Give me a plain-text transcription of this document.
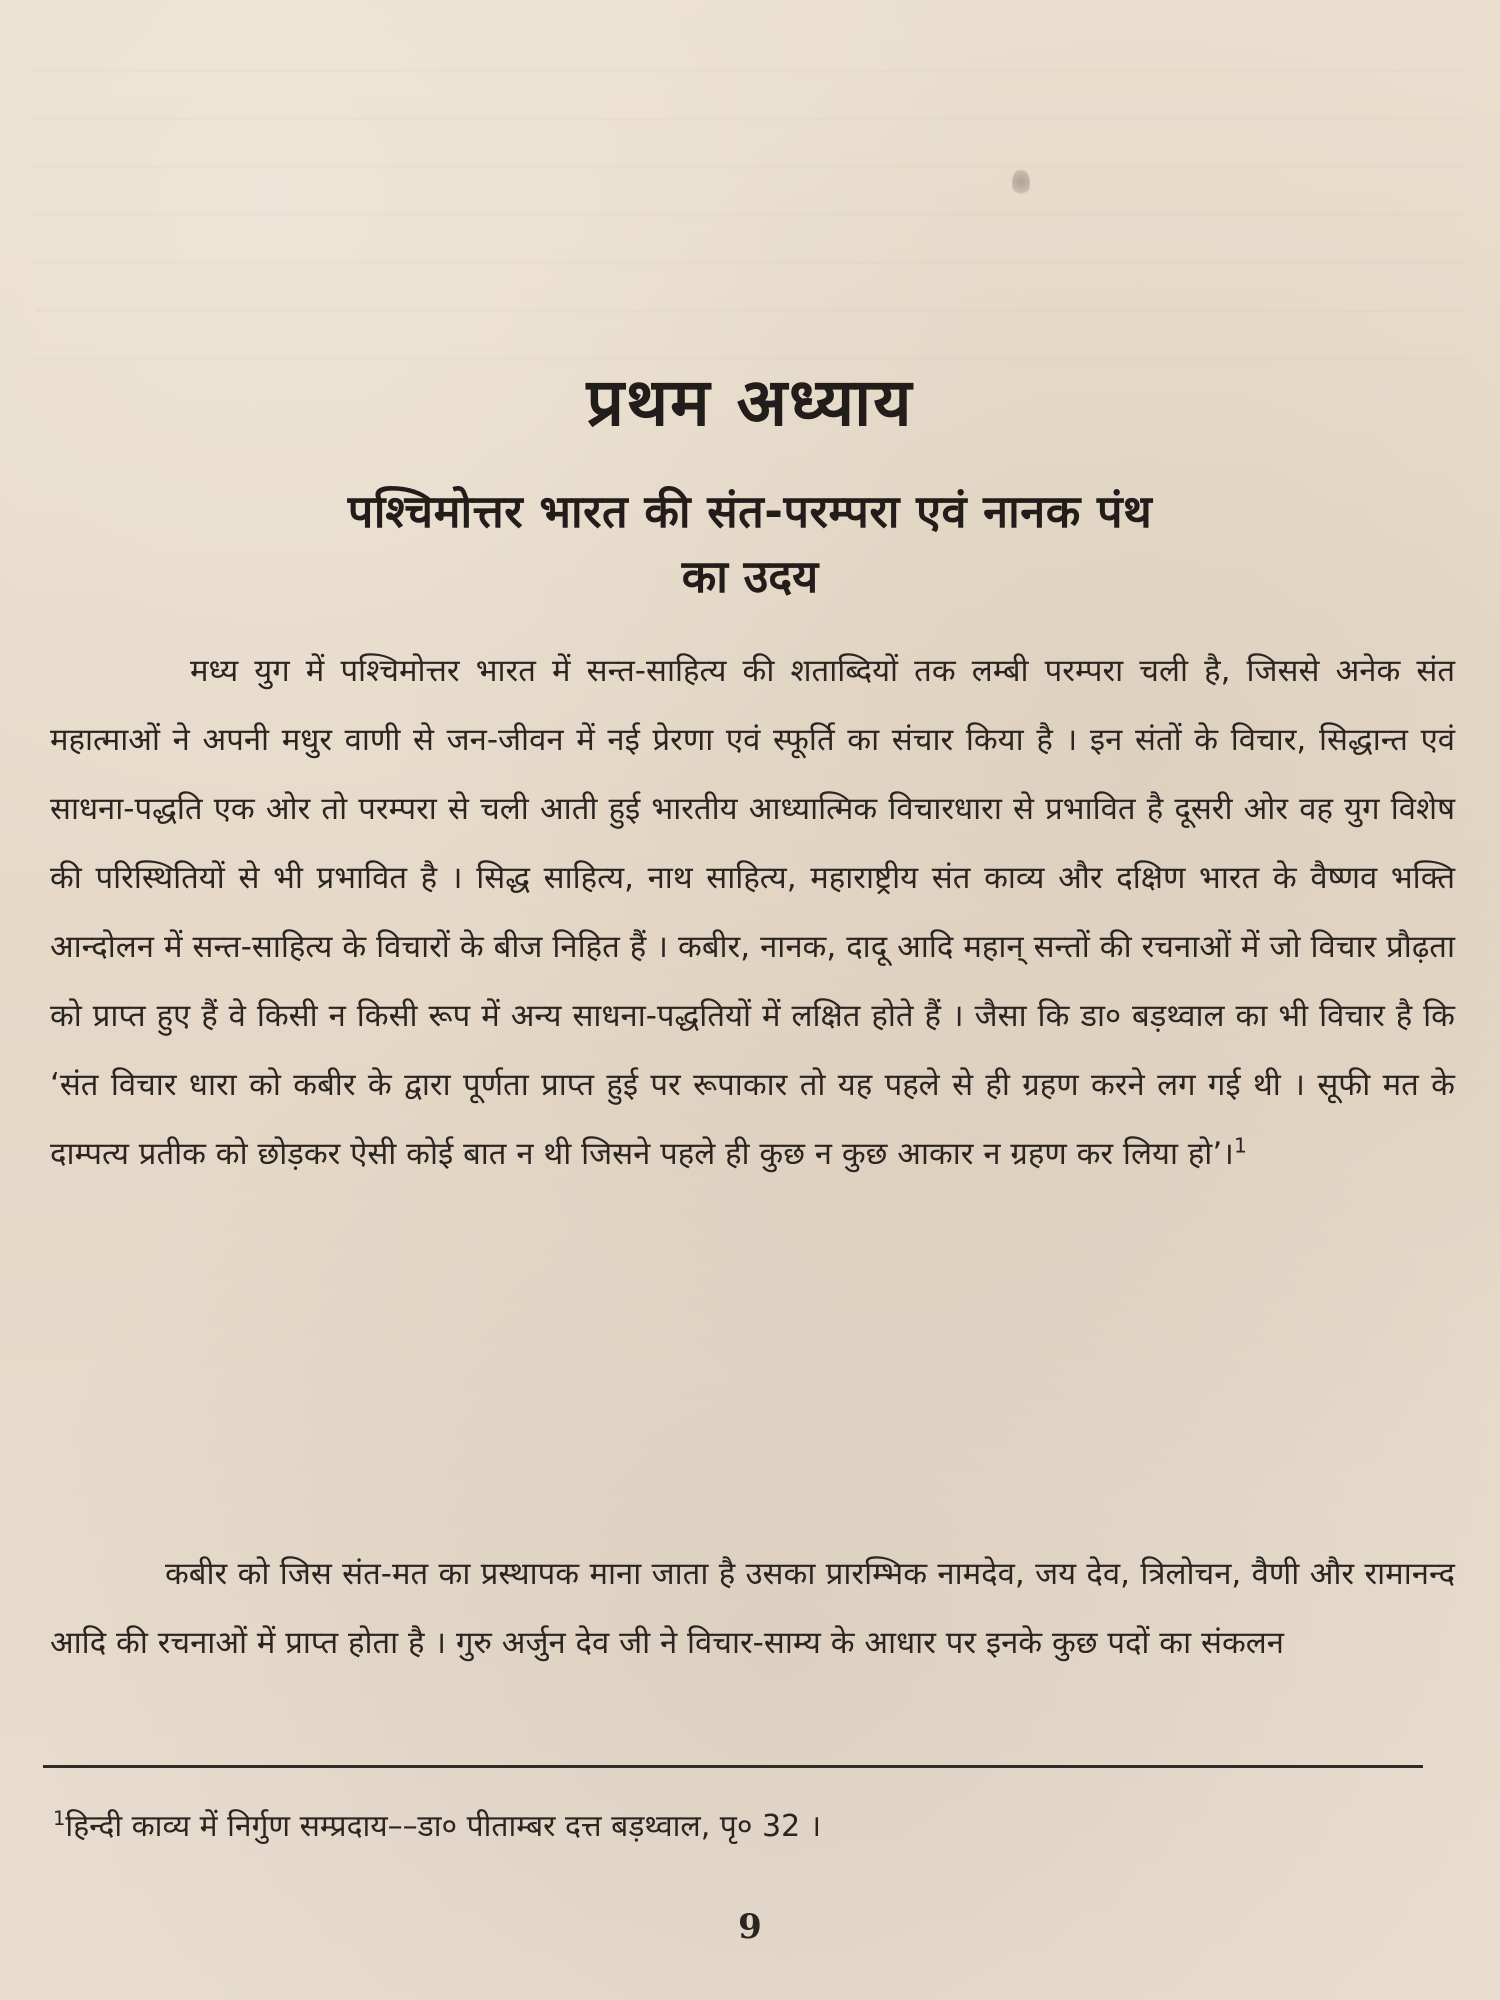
प्रथम अध्याय
पश्चिमोत्तर भारत की संत-परम्परा एवं नानक पंथ
का उदय

मध्य युग में पश्चिमोत्तर भारत में सन्त-साहित्य की शताब्दियों तक लम्बी परम्परा चली है, जिससे अनेक संत महात्माओं ने अपनी मधुर वाणी से जन-जीवन में नई प्रेरणा एवं स्फूर्ति का संचार किया है । इन संतों के विचार, सिद्धान्त एवं साधना-पद्धति एक ओर तो परम्परा से चली आती हुई भारतीय आध्यात्मिक विचारधारा से प्रभावित है दूसरी ओर वह युग विशेष की परिस्थितियों से भी प्रभावित है । सिद्ध साहित्य, नाथ साहित्य, महाराष्ट्रीय संत काव्य और दक्षिण भारत के वैष्णव भक्ति आन्दोलन में सन्त-साहित्य के विचारों के बीज निहित हैं । कबीर, नानक, दादू आदि महान् सन्तों की रचनाओं में जो विचार प्रौढ़ता को प्राप्त हुए हैं वे किसी न किसी रूप में अन्य साधना-पद्धतियों में लक्षित होते हैं । जैसा कि डा० बड़थ्वाल का भी विचार है कि ‘संत विचार धारा को कबीर के द्वारा पूर्णता प्राप्त हुई पर रूपाकार तो यह पहले से ही ग्रहण करने लग गई थी । सूफी मत के दाम्पत्य प्रतीक को छोड़कर ऐसी कोई बात न थी जिसने पहले ही कुछ न कुछ आकार न ग्रहण कर लिया हो’।$^1$

कबीर को जिस संत-मत का प्रस्थापक माना जाता है उसका प्रारम्भिक नामदेव, जय देव, त्रिलोचन, वैणी और रामानन्द आदि की रचनाओं में प्राप्त होता है । गुरु अर्जुन देव जी ने विचार-साम्य के आधार पर इनके कुछ पदों का संकलन

$^1$हिन्दी काव्य में निर्गुण सम्प्रदाय––डा० पीताम्बर दत्त बड़थ्वाल, पृ० 32 ।

9
